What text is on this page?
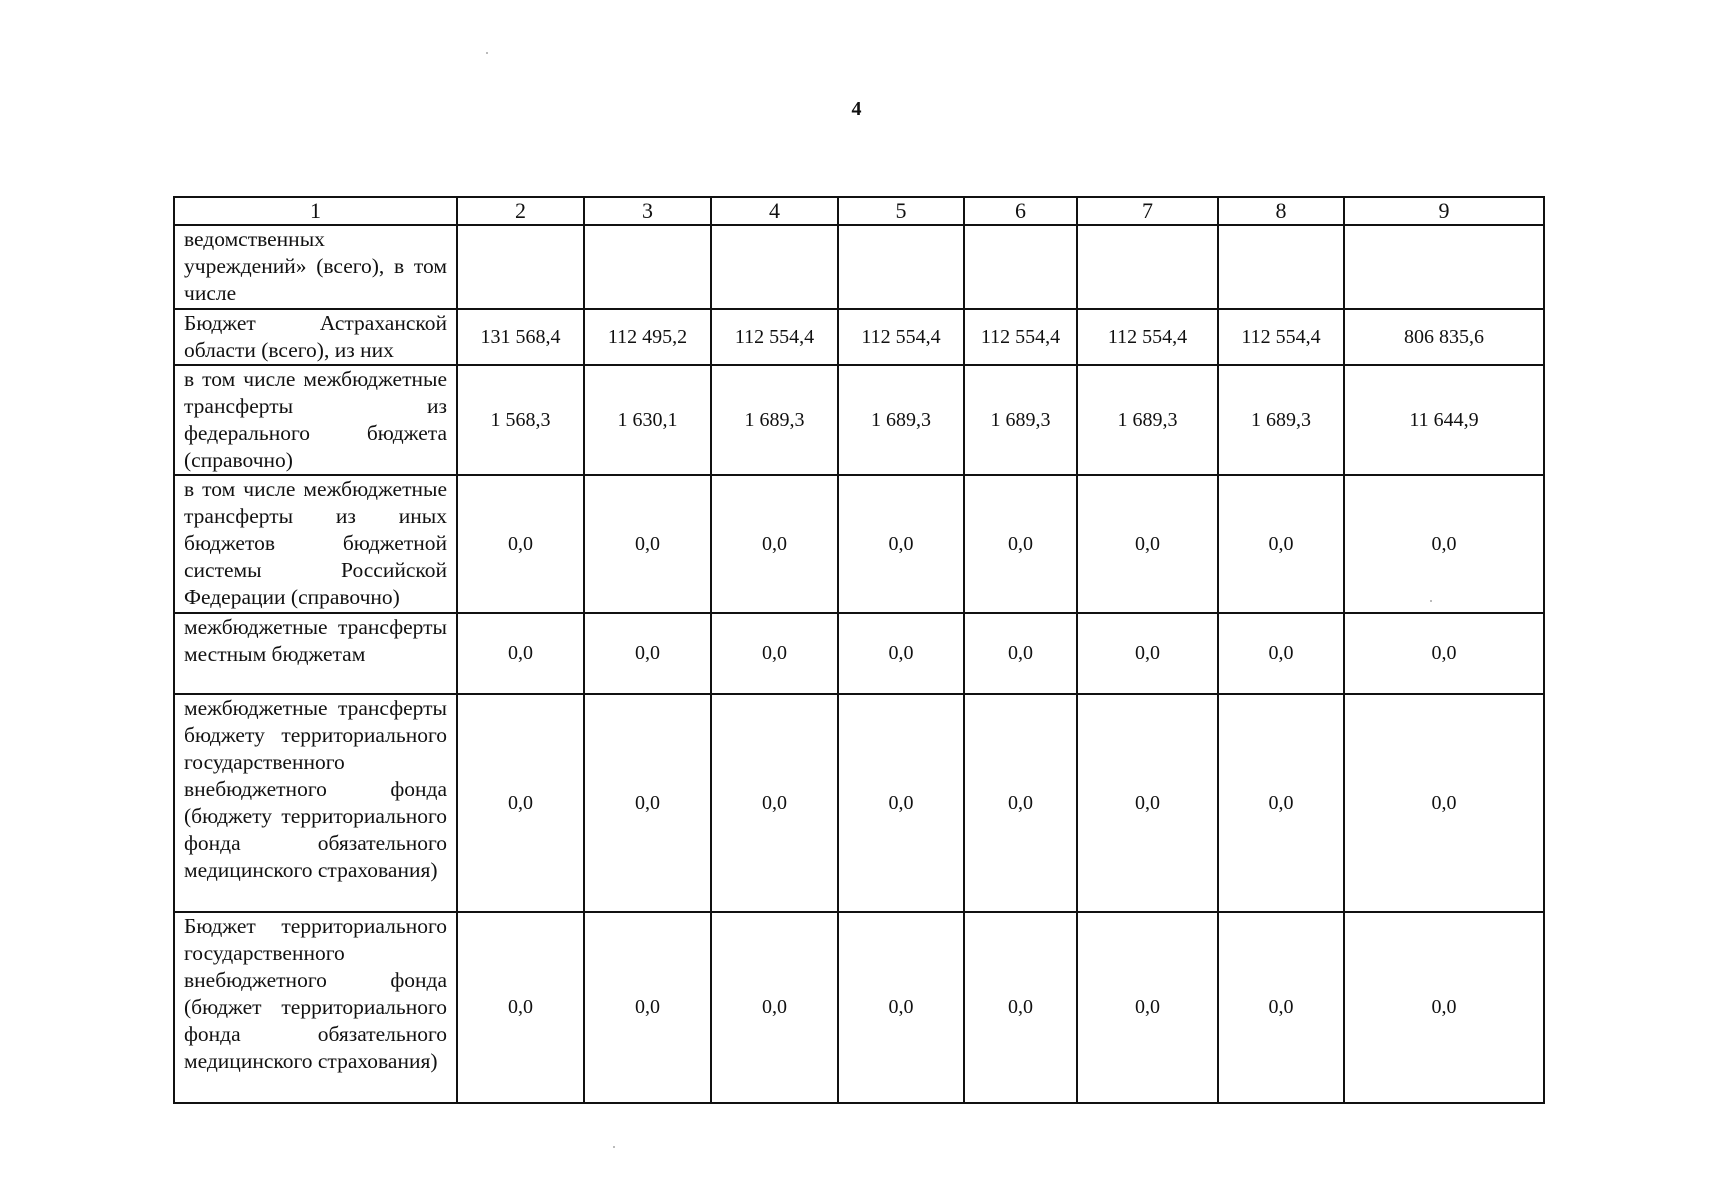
4
1	2	3	4	5	6	7	8	9
ведомственных учреждений» (всего), в том числе								
Бюджет Астраханской области (всего), из них	131 568,4	112 495,2	112 554,4	112 554,4	112 554,4	112 554,4	112 554,4	806 835,6
в том числе межбюджетные трансферты из федерального бюджета (справочно)	1 568,3	1 630,1	1 689,3	1 689,3	1 689,3	1 689,3	1 689,3	11 644,9
в том числе межбюджетные трансферты из иных бюджетов бюджетной системы Российской Федерации (справочно)	0,0	0,0	0,0	0,0	0,0	0,0	0,0	0,0
межбюджетные трансферты местным бюджетам	0,0	0,0	0,0	0,0	0,0	0,0	0,0	0,0
межбюджетные трансферты бюджету территориального государственного внебюджетного фонда (бюджету территориального фонда обязательного медицинского страхования)	0,0	0,0	0,0	0,0	0,0	0,0	0,0	0,0
Бюджет территориального государственного внебюджетного фонда (бюджет территориального фонда обязательного медицинского страхования)	0,0	0,0	0,0	0,0	0,0	0,0	0,0	0,0
